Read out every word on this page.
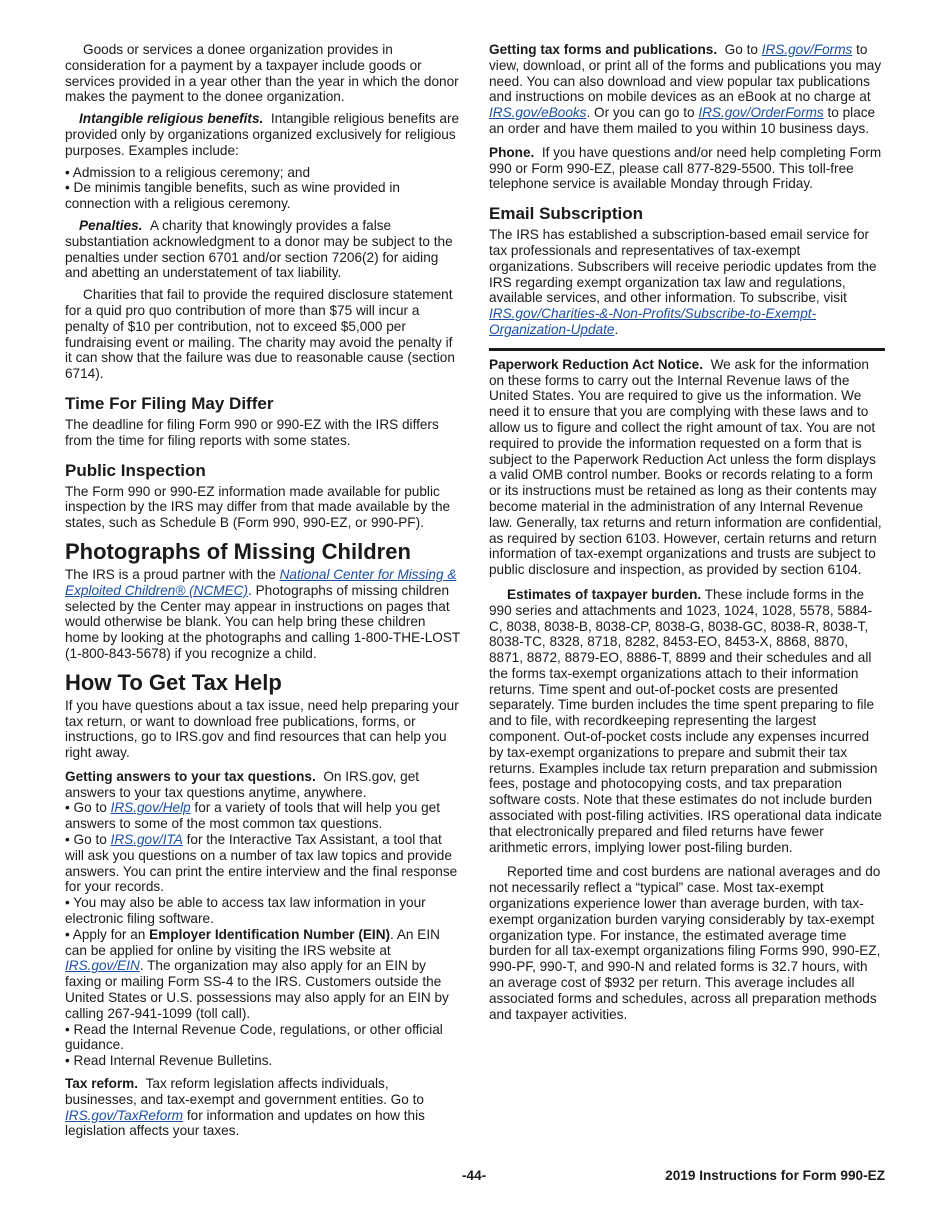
Goods or services a donee organization provides in consideration for a payment by a taxpayer include goods or services provided in a year other than the year in which the donor makes the payment to the donee organization.

Intangible religious benefits. Intangible religious benefits are provided only by organizations organized exclusively for religious purposes. Examples include:

• Admission to a religious ceremony; and

• De minimis tangible benefits, such as wine provided in connection with a religious ceremony.

Penalties. A charity that knowingly provides a false substantiation acknowledgment to a donor may be subject to the penalties under section 6701 and/or section 7206(2) for aiding and abetting an understatement of tax liability.

Charities that fail to provide the required disclosure statement for a quid pro quo contribution of more than $75 will incur a penalty of $10 per contribution, not to exceed $5,000 per fundraising event or mailing. The charity may avoid the penalty if it can show that the failure was due to reasonable cause (section 6714).

Time For Filing May Differ

The deadline for filing Form 990 or 990-EZ with the IRS differs from the time for filing reports with some states.

Public Inspection

The Form 990 or 990-EZ information made available for public inspection by the IRS may differ from that made available by the states, such as Schedule B (Form 990, 990-EZ, or 990-PF).

Photographs of Missing Children

The IRS is a proud partner with the National Center for Missing & Exploited Children® (NCMEC). Photographs of missing children selected by the Center may appear in instructions on pages that would otherwise be blank. You can help bring these children home by looking at the photographs and calling 1-800-THE-LOST (1-800-843-5678) if you recognize a child.

How To Get Tax Help

If you have questions about a tax issue, need help preparing your tax return, or want to download free publications, forms, or instructions, go to IRS.gov and find resources that can help you right away.

Getting answers to your tax questions. On IRS.gov, get answers to your tax questions anytime, anywhere.

• Go to IRS.gov/Help for a variety of tools that will help you get answers to some of the most common tax questions.

• Go to IRS.gov/ITA for the Interactive Tax Assistant, a tool that will ask you questions on a number of tax law topics and provide answers. You can print the entire interview and the final response for your records.

• You may also be able to access tax law information in your electronic filing software.

• Apply for an Employer Identification Number (EIN). An EIN can be applied for online by visiting the IRS website at IRS.gov/EIN. The organization may also apply for an EIN by faxing or mailing Form SS-4 to the IRS. Customers outside the United States or U.S. possessions may also apply for an EIN by calling 267-941-1099 (toll call).

• Read the Internal Revenue Code, regulations, or other official guidance.

• Read Internal Revenue Bulletins.

Tax reform. Tax reform legislation affects individuals, businesses, and tax-exempt and government entities. Go to IRS.gov/TaxReform for information and updates on how this legislation affects your taxes.

Getting tax forms and publications. Go to IRS.gov/Forms to view, download, or print all of the forms and publications you may need. You can also download and view popular tax publications and instructions on mobile devices as an eBook at no charge at IRS.gov/eBooks. Or you can go to IRS.gov/OrderForms to place an order and have them mailed to you within 10 business days.

Phone. If you have questions and/or need help completing Form 990 or Form 990-EZ, please call 877-829-5500. This toll-free telephone service is available Monday through Friday.

Email Subscription

The IRS has established a subscription-based email service for tax professionals and representatives of tax-exempt organizations. Subscribers will receive periodic updates from the IRS regarding exempt organization tax law and regulations, available services, and other information. To subscribe, visit IRS.gov/Charities-&-Non-Profits/Subscribe-to-Exempt-Organization-Update.

Paperwork Reduction Act Notice. We ask for the information on these forms to carry out the Internal Revenue laws of the United States. You are required to give us the information. We need it to ensure that you are complying with these laws and to allow us to figure and collect the right amount of tax. You are not required to provide the information requested on a form that is subject to the Paperwork Reduction Act unless the form displays a valid OMB control number. Books or records relating to a form or its instructions must be retained as long as their contents may become material in the administration of any Internal Revenue law. Generally, tax returns and return information are confidential, as required by section 6103. However, certain returns and return information of tax-exempt organizations and trusts are subject to public disclosure and inspection, as provided by section 6104.

Estimates of taxpayer burden. These include forms in the 990 series and attachments and 1023, 1024, 1028, 5578, 5884-C, 8038, 8038-B, 8038-CP, 8038-G, 8038-GC, 8038-R, 8038-T, 8038-TC, 8328, 8718, 8282, 8453-EO, 8453-X, 8868, 8870, 8871, 8872, 8879-EO, 8886-T, 8899 and their schedules and all the forms tax-exempt organizations attach to their information returns. Time spent and out-of-pocket costs are presented separately. Time burden includes the time spent preparing to file and to file, with recordkeeping representing the largest component. Out-of-pocket costs include any expenses incurred by tax-exempt organizations to prepare and submit their tax returns. Examples include tax return preparation and submission fees, postage and photocopying costs, and tax preparation software costs. Note that these estimates do not include burden associated with post-filing activities. IRS operational data indicate that electronically prepared and filed returns have fewer arithmetic errors, implying lower post-filing burden.

Reported time and cost burdens are national averages and do not necessarily reflect a “typical” case. Most tax-exempt organizations experience lower than average burden, with tax-exempt organization burden varying considerably by tax-exempt organization type. For instance, the estimated average time burden for all tax-exempt organizations filing Forms 990, 990-EZ, 990-PF, 990-T, and 990-N and related forms is 32.7 hours, with an average cost of $932 per return. This average includes all associated forms and schedules, across all preparation methods and taxpayer activities.

-44-	2019 Instructions for Form 990-EZ
